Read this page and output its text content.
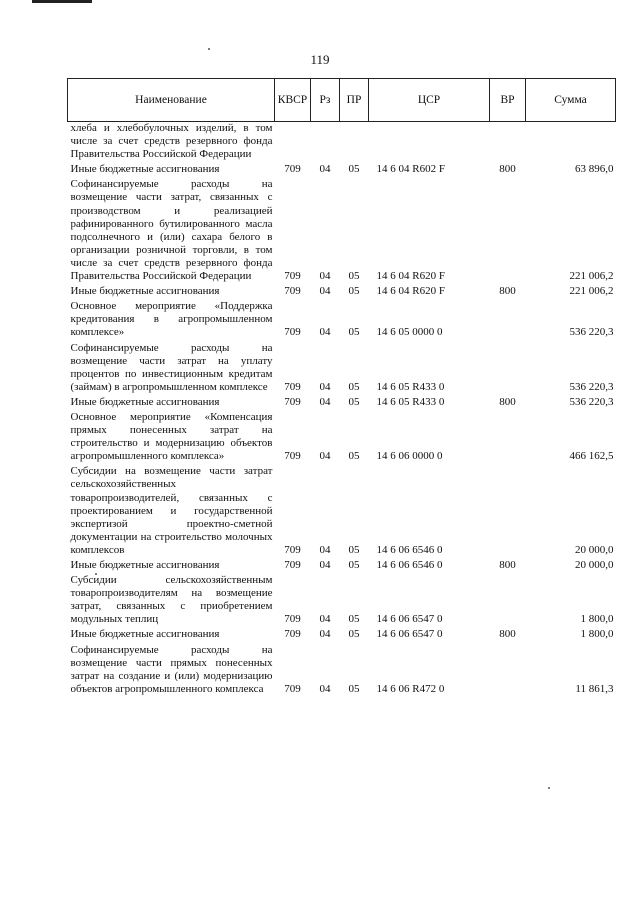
119
Наименование	КВСР	Рз	ПР	ЦСР	ВР	Сумма
хлеба и хлебобулочных изделий, в том числе за счет средств резервного фонда Правительства Российской Федерации						
Иные бюджетные ассигнования	709	04	05	14 6 04 R602 F	800	63 896,0
Софинансируемые расходы на возмещение части затрат, связанных с производством и реализацией рафинированного бутилированного масла подсолнечного и (или) сахара белого в организации розничной торговли, в том числе за счет средств резервного фонда Правительства Российской Федерации	709	04	05	14 6 04 R620 F		221 006,2
Иные бюджетные ассигнования	709	04	05	14 6 04 R620 F	800	221 006,2
Основное мероприятие «Поддержка кредитования в агропромышленном комплексе»	709	04	05	14 6 05 0000 0		536 220,3
Софинансируемые расходы на возмещение части затрат на уплату процентов по инвестиционным кредитам (займам) в агропромышленном комплексе	709	04	05	14 6 05 R433 0		536 220,3
Иные бюджетные ассигнования	709	04	05	14 6 05 R433 0	800	536 220,3
Основное мероприятие «Компенсация прямых понесенных затрат на строительство и модернизацию объектов агропромышленного комплекса»	709	04	05	14 6 06 0000 0		466 162,5
Субсидии на возмещение части затрат сельскохозяйственных товаропроизводителей, связанных с проектированием и государственной экспертизой проектно-сметной документации на строительство молочных комплексов	709	04	05	14 6 06 6546 0		20 000,0
Иные бюджетные ассигнования	709	04	05	14 6 06 6546 0	800	20 000,0
Субсидии сельскохозяйственным товаропроизводителям на возмещение затрат, связанных с приобретением модульных теплиц	709	04	05	14 6 06 6547 0		1 800,0
Иные бюджетные ассигнования	709	04	05	14 6 06 6547 0	800	1 800,0
Софинансируемые расходы на возмещение части прямых понесенных затрат на создание и (или) модернизацию объектов агропромышленного комплекса	709	04	05	14 6 06 R472 0		11 861,3
